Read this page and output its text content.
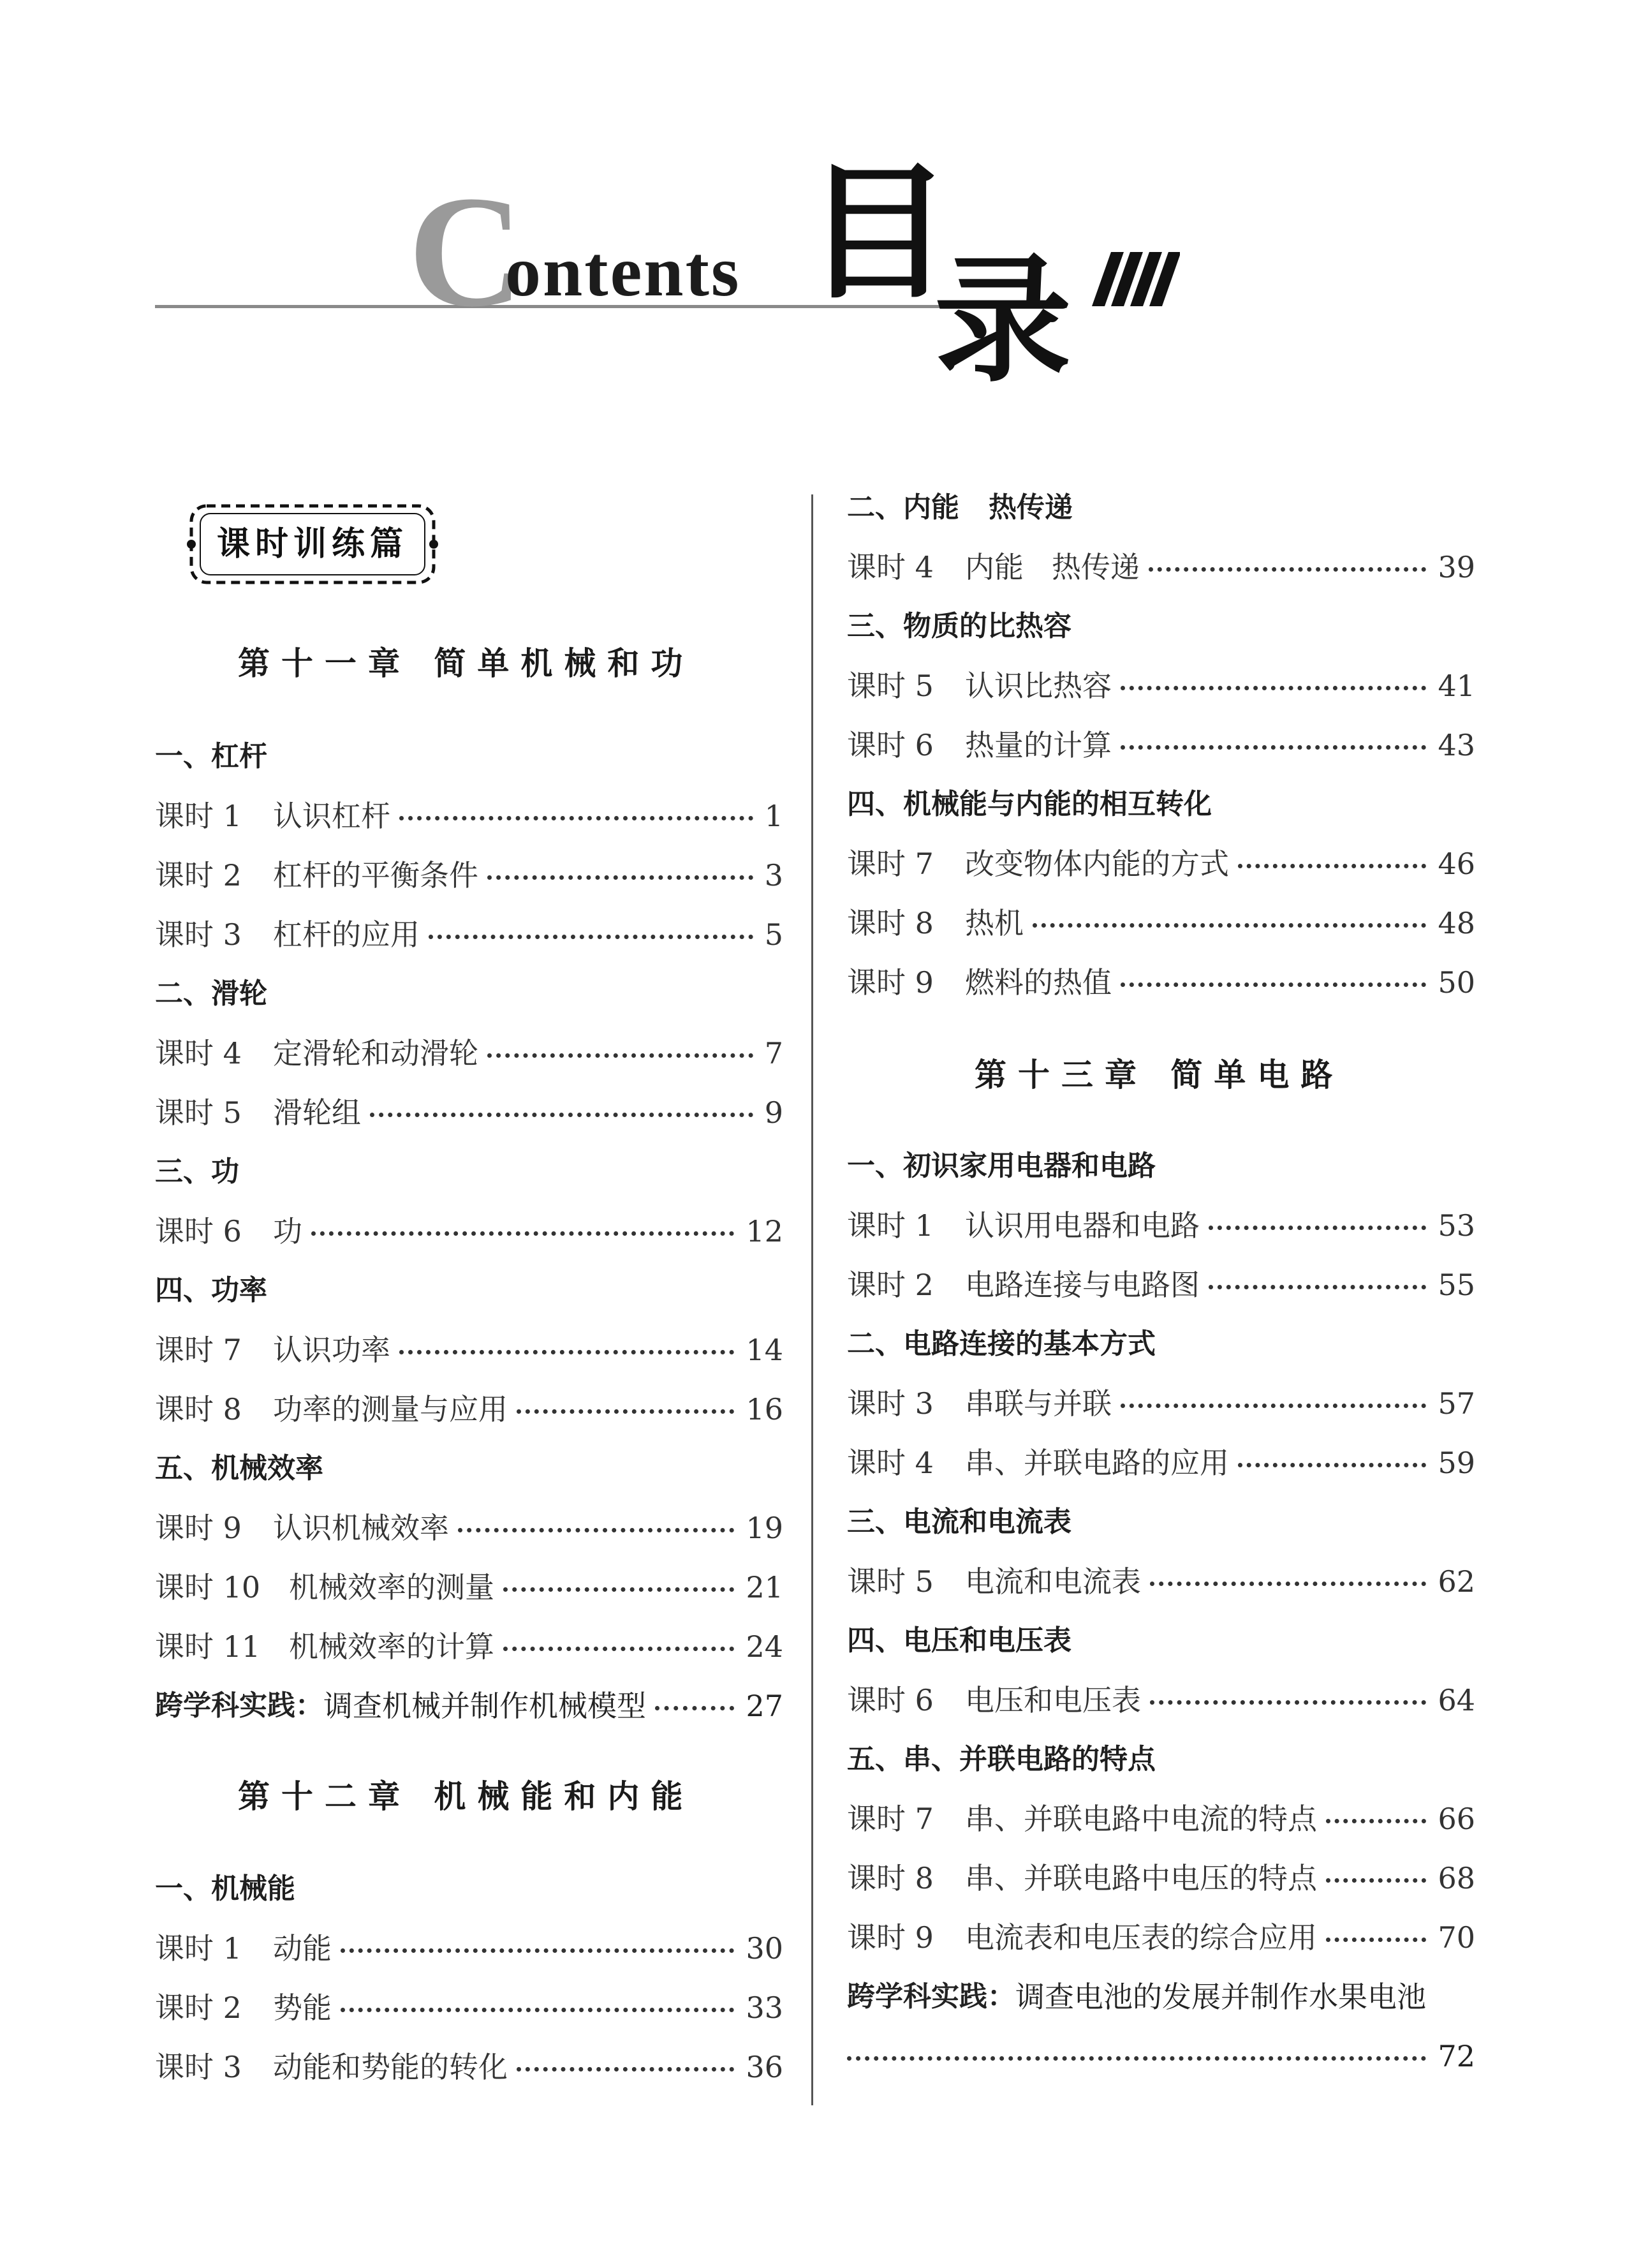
C
ontents 目
录
课时训练篇
第十一章 简单机械和功
一、杠杆
课时 1	认识杠杆	1
课时 2	杠杆的平衡条件	3
课时 3	杠杆的应用	5
二、滑轮
课时 4	定滑轮和动滑轮	7
课时 5	滑轮组	9
三、功
课时 6	功	12
四、功率
课时 7	认识功率	14
课时 8	功率的测量与应用	16
五、机械效率
课时 9	认识机械效率	19
课时 10 机械效率的测量	21
课时 11 机械效率的计算	24
跨学科实践： 调查机械并制作机械模型	27
第十二章 机械能和内能
一、机械能
课时 1	动能	30
课时 2	势能	33
课时 3	动能和势能的转化	36
二、内能   热传递
课时 4	内能   热传递	39
三、物质的比热容
课时 5	认识比热容	41
课时 6	热量的计算	43
四、机械能与内能的相互转化
课时 7	改变物体内能的方式	46
课时 8	热机	48
课时 9	燃料的热值	50
第十三章 简单电路
一、初识家用电器和电路
课时 1	认识用电器和电路	53
课时 2	电路连接与电路图	55
二、电路连接的基本方式
课时 3	串联与并联	57
课时 4	串、并联电路的应用	59
三、电流和电流表
课时 5	电流和电流表	62
四、电压和电压表
课时 6	电压和电压表	64
五、串、并联电路的特点
课时 7	串、并联电路中电流的特点	66
课时 8	串、并联电路中电压的特点	68
课时 9	电流表和电压表的综合应用	70
跨学科实践： 调查电池的发展并制作水果电池
72
